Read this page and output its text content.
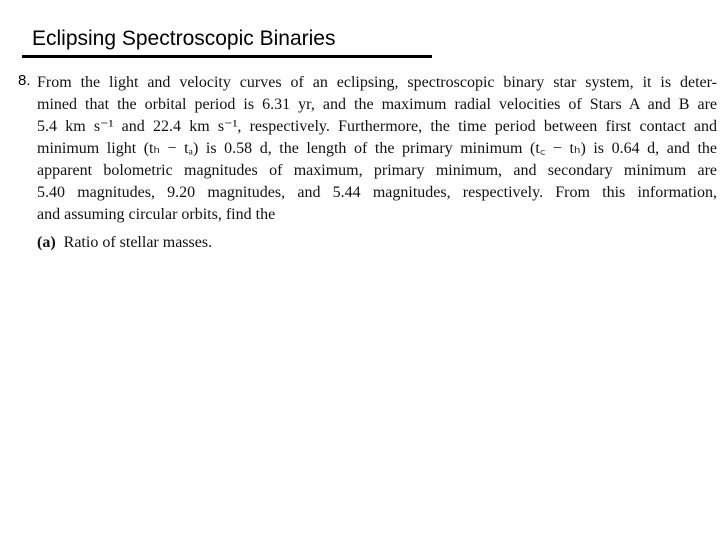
Eclipsing Spectroscopic Binaries
8. From the light and velocity curves of an eclipsing, spectroscopic binary star system, it is deter-
mined that the orbital period is 6.31 yr, and the maximum radial velocities of Stars A and B are
5.4 km s⁻¹ and 22.4 km s⁻¹, respectively. Furthermore, the time period between first contact and
minimum light (tₕ − tₐ) is 0.58 d, the length of the primary minimum (t꜀ − tₕ) is 0.64 d, and the
apparent bolometric magnitudes of maximum, primary minimum, and secondary minimum are
5.40 magnitudes, 9.20 magnitudes, and 5.44 magnitudes, respectively. From this information,
and assuming circular orbits, find the
(a) Ratio of stellar masses.
